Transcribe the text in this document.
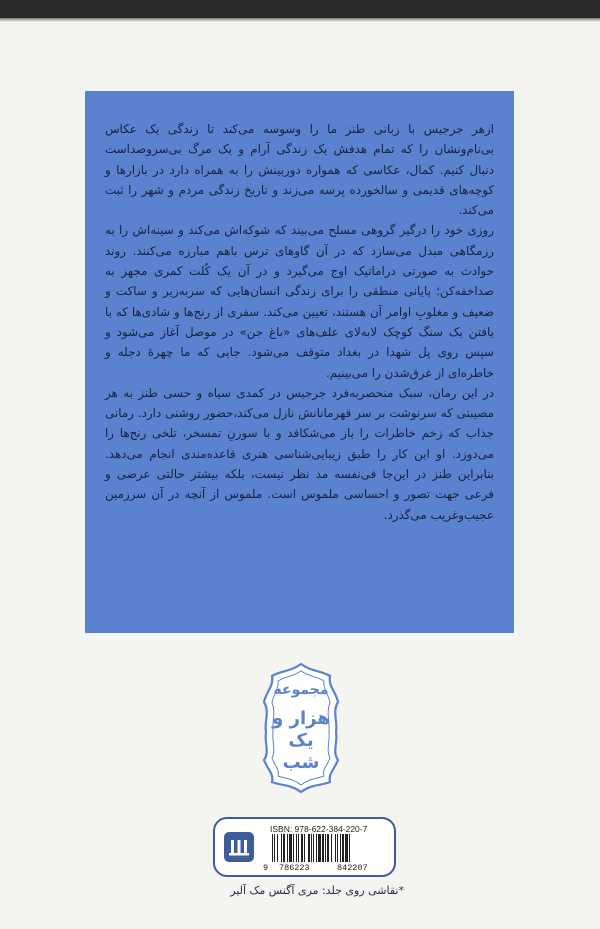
ازهر جرجیس با زبانی طنز ما را وسوسه می‌کند تا زندگی یک عکاس بی‌نام‌ونشان را که تمام هدفش یک زندگی آرام و یک مرگ بی‌سروصداست دنبال کنیم. کمال، عکاسی که همواره دوربینش را به همراه دارد در بازارها و کوچه‌های قدیمی و سالخورده پرسه می‌زند و تاریخ زندگی مردم و شهر را ثبت می‌کند.

روزی خود را درگیر گروهی مسلح می‌بیند که شوکه‌اش می‌کند و سینه‌اش را به رزمگاهی مبدل می‌سازد که در آن گاوهای ترس باهم مبارزه می‌کنند. روند حوادث به صورتی دراماتیک اوج می‌گیرد و در آن یک کُلت کمری مجهز به صداخفه‌کن؛ پایانی منطقی را برای زندگی انسان‌هایی که سربه‌زیر و ساکت و ضعیف و مغلوبِ اوامر آن هستند، تعیین می‌کند. سفری از رنج‌ها و شادی‌ها که با یافتن یک سنگ کوچک لابه‌لای علف‌های «باغ جن» در موصل آغاز می‌شود و سپس روی پل شهدا در بغداد متوقف می‌شود. جایی که ما چهرهٔ دجله و خاطره‌ای از غرق‌شدن را می‌بینیم.

در این رمان، سبک منحصربه‌فرد جرجیس در کمدی سیاه و حسی طنز به هر مصیبتی که سرنوشت بر سر قهرمانانش نازل می‌کند،حضور روشنی دارد. رمانی جذاب که زخم خاطرات را باز می‌شکافد و با سوزنِ تمسخر، تلخی رنج‌ها را می‌دوزد. او این کار را طبق زیبایی‌شناسی هنری قاعده‌مندی انجام می‌دهد. بنابراین طنز در این‌جا فی‌نفسه مد نظر نیست، بلکه بیشتر حالتی عرضی و فرعی جهت تصور و احساسی ملموس است. ملموس از آنچه در آن سرزمین عجیب‌وغریب می‌گذرد.

مجموعه
هزار و یک شب
ISBN: 978-622-384-220-7
9 786223	842207
*نقاشی روی جلد: مری آگنس مک آلیر
